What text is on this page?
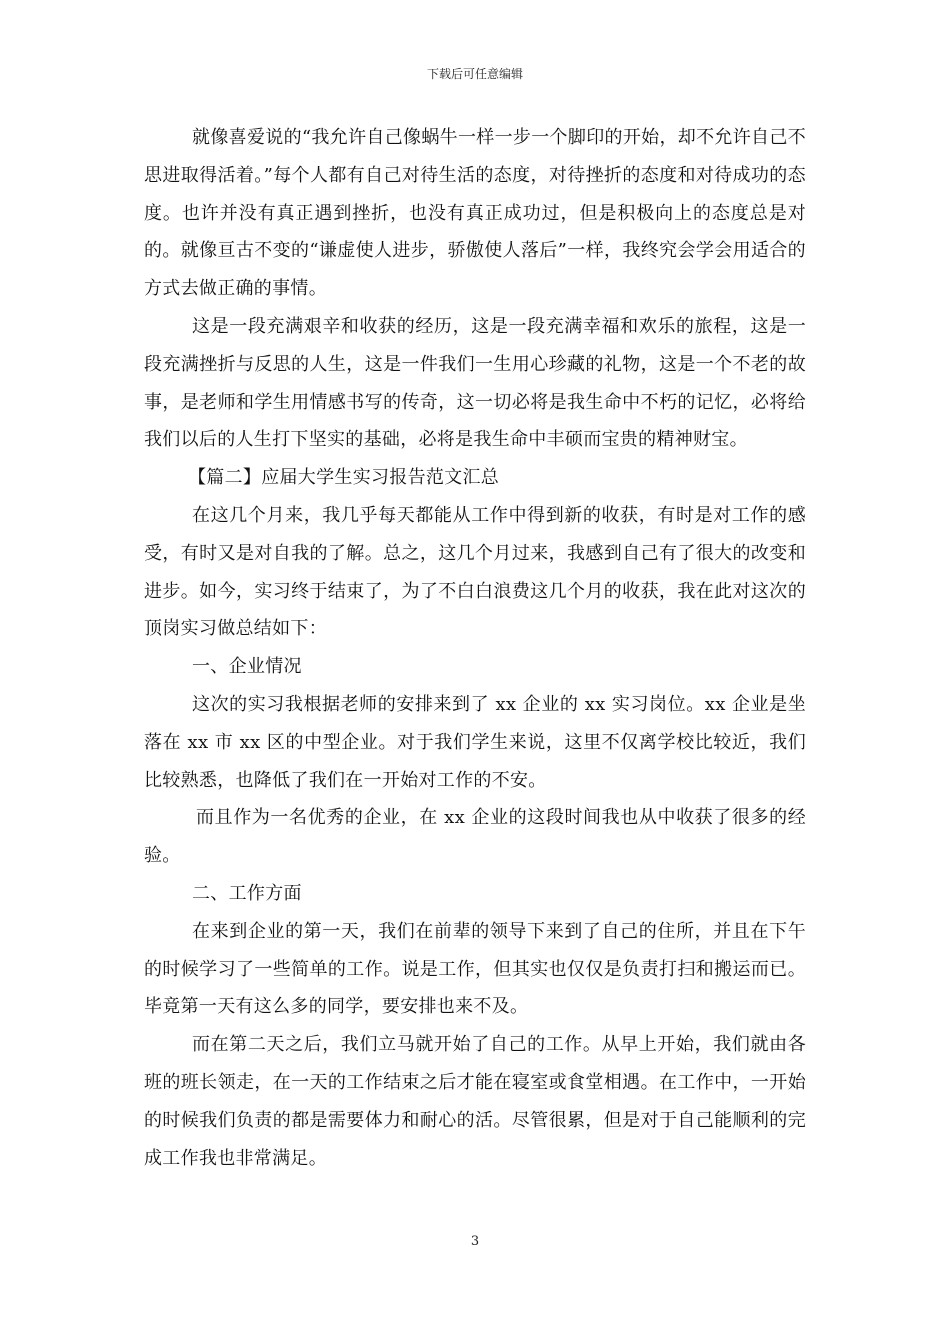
下载后可任意编辑

就像喜爱说的“我允许自己像蜗牛一样一步一个脚印的开始，却不允许自己不思进取得活着。”每个人都有自己对待生活的态度，对待挫折的态度和对待成功的态度。也许并没有真正遇到挫折，也没有真正成功过，但是积极向上的态度总是对的。就像亘古不变的“谦虚使人进步，骄傲使人落后”一样，我终究会学会用适合的方式去做正确的事情。

这是一段充满艰辛和收获的经历，这是一段充满幸福和欢乐的旅程，这是一段充满挫折与反思的人生，这是一件我们一生用心珍藏的礼物，这是一个不老的故事，是老师和学生用情感书写的传奇，这一切必将是我生命中不朽的记忆，必将给我们以后的人生打下坚实的基础，必将是我生命中丰硕而宝贵的精神财宝。

【篇二】应届大学生实习报告范文汇总

在这几个月来，我几乎每天都能从工作中得到新的收获，有时是对工作的感受，有时又是对自我的了解。总之，这几个月过来，我感到自己有了很大的改变和进步。如今，实习终于结束了，为了不白白浪费这几个月的收获，我在此对这次的顶岗实习做总结如下：

一、企业情况

这次的实习我根据老师的安排来到了 xx 企业的 xx 实习岗位。xx 企业是坐落在 xx 市 xx 区的中型企业。对于我们学生来说，这里不仅离学校比较近，我们比较熟悉，也降低了我们在一开始对工作的不安。

而且作为一名优秀的企业，在 xx 企业的这段时间我也从中收获了很多的经验。

二、工作方面

在来到企业的第一天，我们在前辈的领导下来到了自己的住所，并且在下午的时候学习了一些简单的工作。说是工作，但其实也仅仅是负责打扫和搬运而已。毕竟第一天有这么多的同学，要安排也来不及。

而在第二天之后，我们立马就开始了自己的工作。从早上开始，我们就由各班的班长领走，在一天的工作结束之后才能在寝室或食堂相遇。在工作中，一开始的时候我们负责的都是需要体力和耐心的活。尽管很累，但是对于自己能顺利的完成工作我也非常满足。

3
